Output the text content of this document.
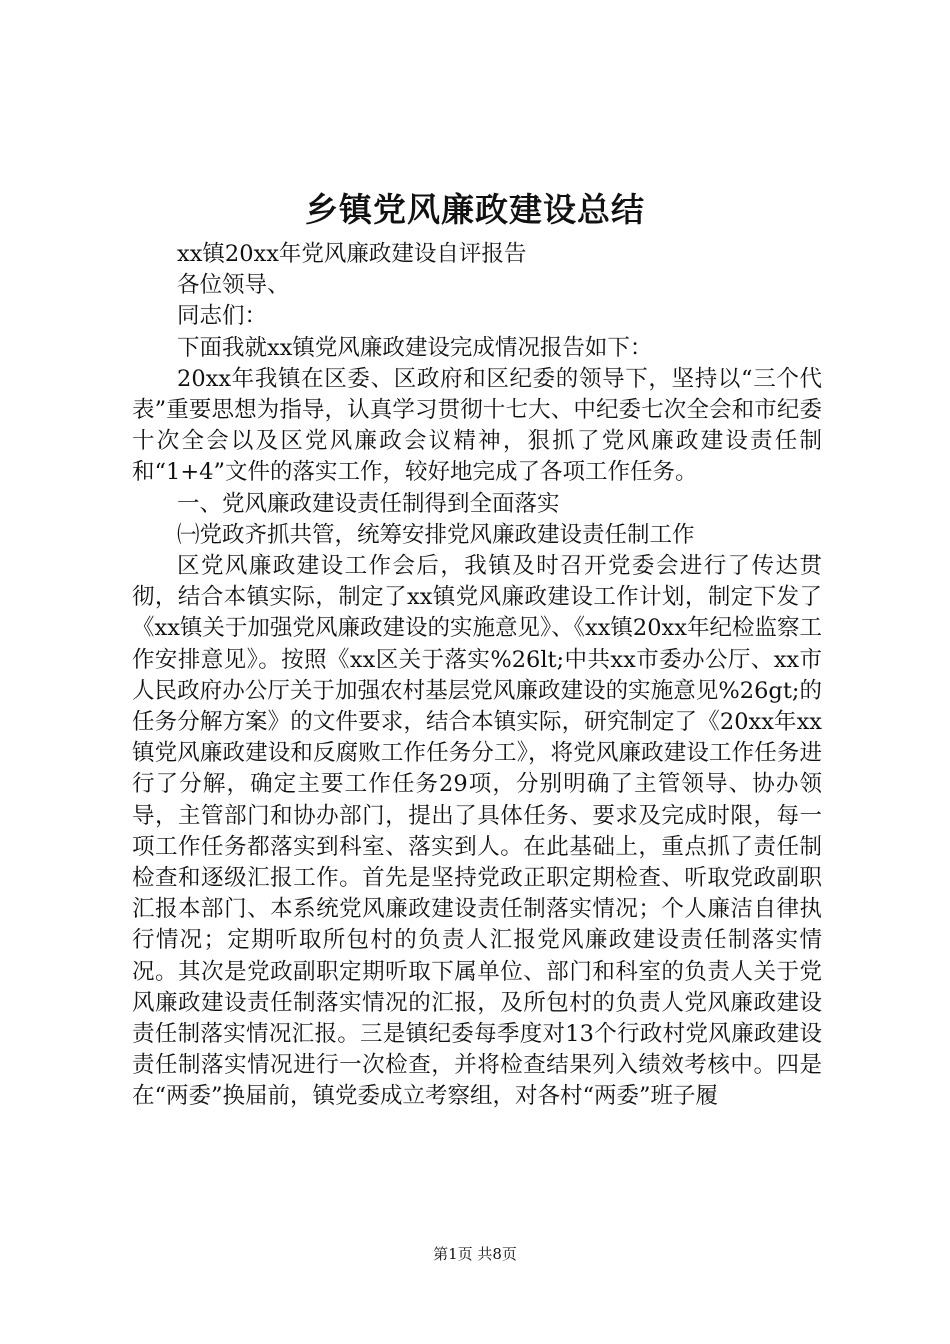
乡镇党风廉政建设总结

xx镇20xx年党风廉政建设自评报告

各位领导、

同志们：

下面我就xx镇党风廉政建设完成情况报告如下：

20xx年我镇在区委、区政府和区纪委的领导下，坚持以“三个代表”重要思想为指导，认真学习贯彻十七大、中纪委七次全会和市纪委十次全会以及区党风廉政会议精神，狠抓了党风廉政建设责任制和“1+4”文件的落实工作，较好地完成了各项工作任务。

一、党风廉政建设责任制得到全面落实

㈠党政齐抓共管，统筹安排党风廉政建设责任制工作

区党风廉政建设工作会后，我镇及时召开党委会进行了传达贯彻，结合本镇实际，制定了xx镇党风廉政建设工作计划，制定下发了《xx镇关于加强党风廉政建设的实施意见》、《xx镇20xx年纪检监察工作安排意见》。按照《xx区关于落实%26lt;中共xx市委办公厅、xx市人民政府办公厅关于加强农村基层党风廉政建设的实施意见%26gt;的任务分解方案》的文件要求，结合本镇实际，研究制定了《20xx年xx镇党风廉政建设和反腐败工作任务分工》，将党风廉政建设工作任务进行了分解，确定主要工作任务29项，分别明确了主管领导、协办领导，主管部门和协办部门，提出了具体任务、要求及完成时限，每一项工作任务都落实到科室、落实到人。在此基础上，重点抓了责任制检查和逐级汇报工作。首先是坚持党政正职定期检查、听取党政副职汇报本部门、本系统党风廉政建设责任制落实情况；个人廉洁自律执行情况；定期听取所包村的负责人汇报党风廉政建设责任制落实情况。其次是党政副职定期听取下属单位、部门和科室的负责人关于党风廉政建设责任制落实情况的汇报，及所包村的负责人党风廉政建设责任制落实情况汇报。三是镇纪委每季度对13个行政村党风廉政建设责任制落实情况进行一次检查，并将检查结果列入绩效考核中。四是在“两委”换届前，镇党委成立考察组，对各村“两委”班子履

第1页 共8页
